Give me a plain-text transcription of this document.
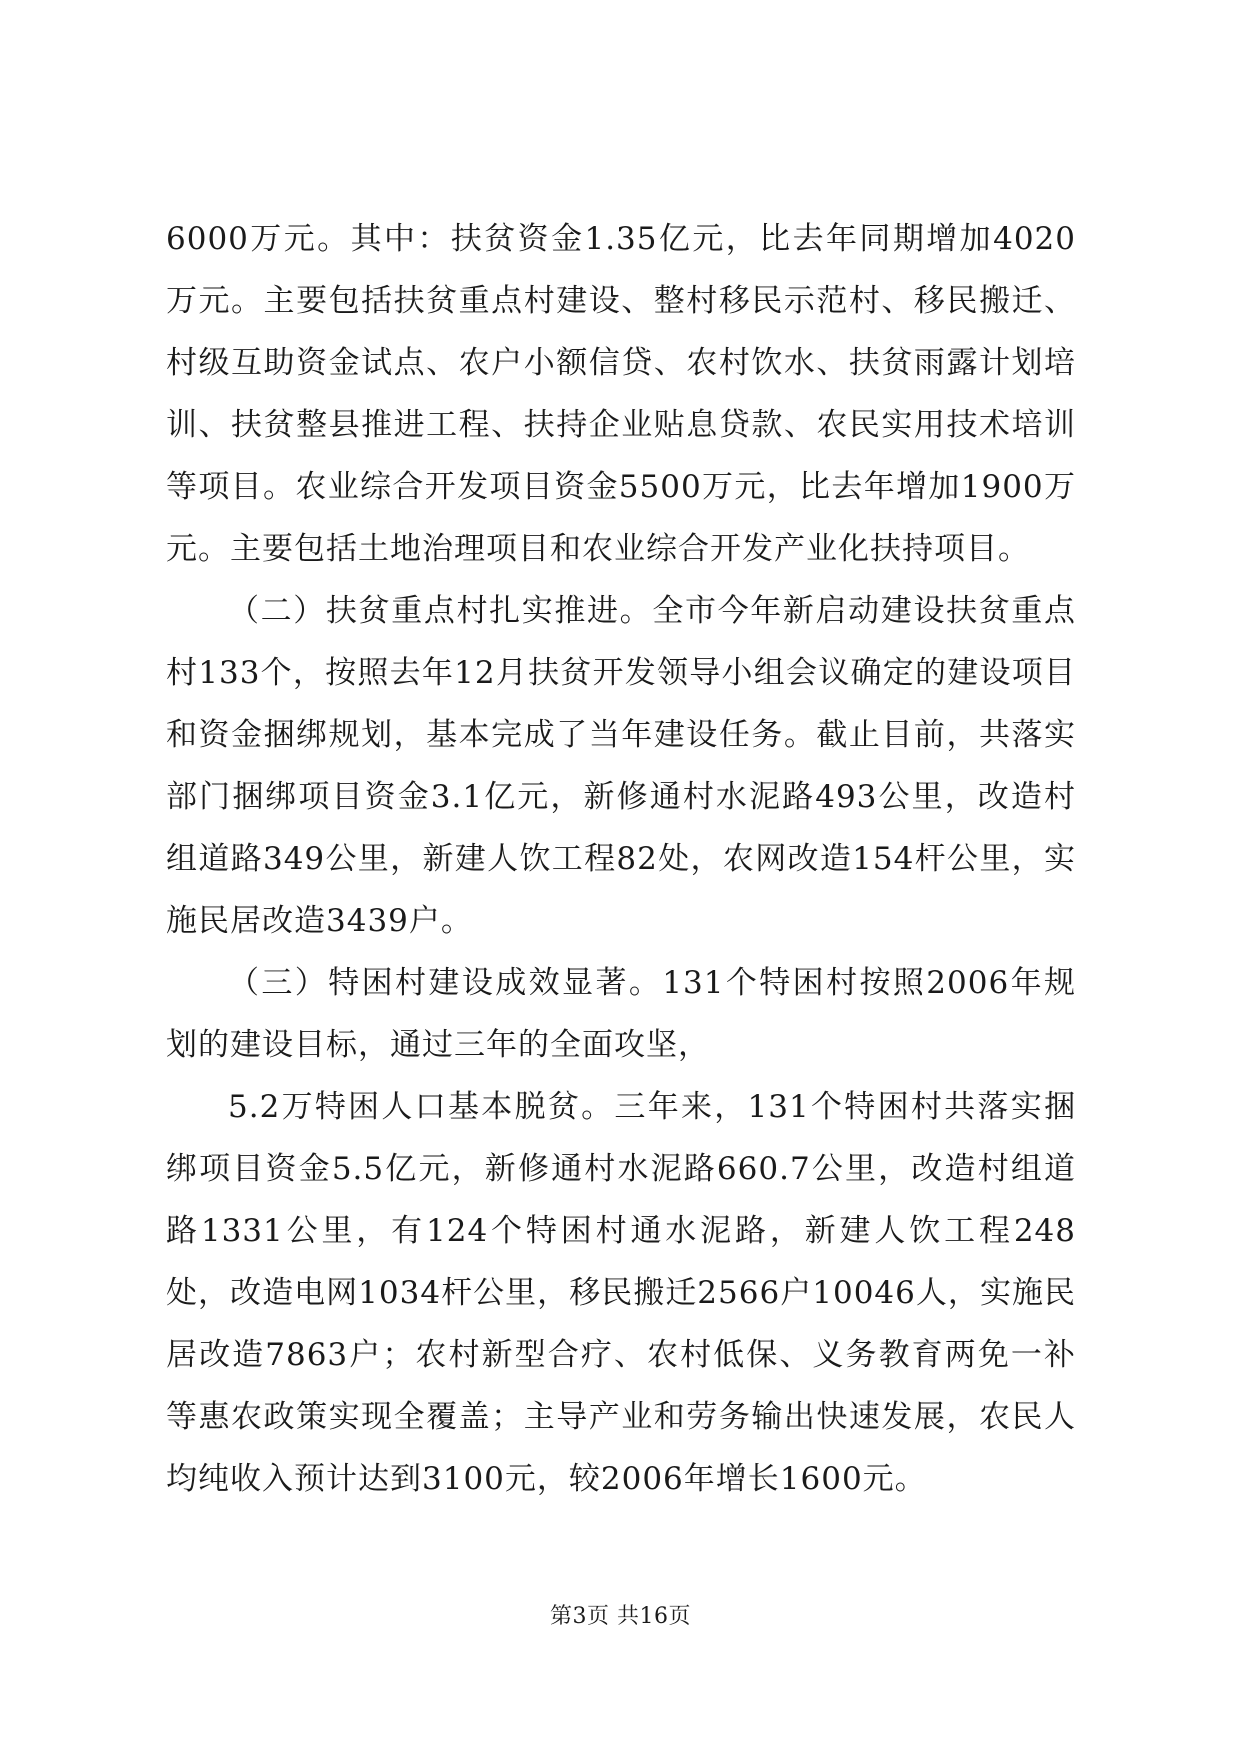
6000万元。其中：扶贫资金1.35亿元，比去年同期增加4020万元。主要包括扶贫重点村建设、整村移民示范村、移民搬迁、村级互助资金试点、农户小额信贷、农村饮水、扶贫雨露计划培训、扶贫整县推进工程、扶持企业贴息贷款、农民实用技术培训等项目。农业综合开发项目资金5500万元，比去年增加1900万元。主要包括土地治理项目和农业综合开发产业化扶持项目。

（二）扶贫重点村扎实推进。全市今年新启动建设扶贫重点村133个，按照去年12月扶贫开发领导小组会议确定的建设项目和资金捆绑规划，基本完成了当年建设任务。截止目前，共落实部门捆绑项目资金3.1亿元，新修通村水泥路493公里，改造村组道路349公里，新建人饮工程82处，农网改造154杆公里，实施民居改造3439户。

（三）特困村建设成效显著。131个特困村按照2006年规划的建设目标，通过三年的全面攻坚，

5.2万特困人口基本脱贫。三年来，131个特困村共落实捆绑项目资金5.5亿元，新修通村水泥路660.7公里，改造村组道路1331公里，有124个特困村通水泥路，新建人饮工程248处，改造电网1034杆公里，移民搬迁2566户10046人，实施民居改造7863户；农村新型合疗、农村低保、义务教育两免一补等惠农政策实现全覆盖；主导产业和劳务输出快速发展，农民人均纯收入预计达到3100元，较2006年增长1600元。

第3页 共16页
